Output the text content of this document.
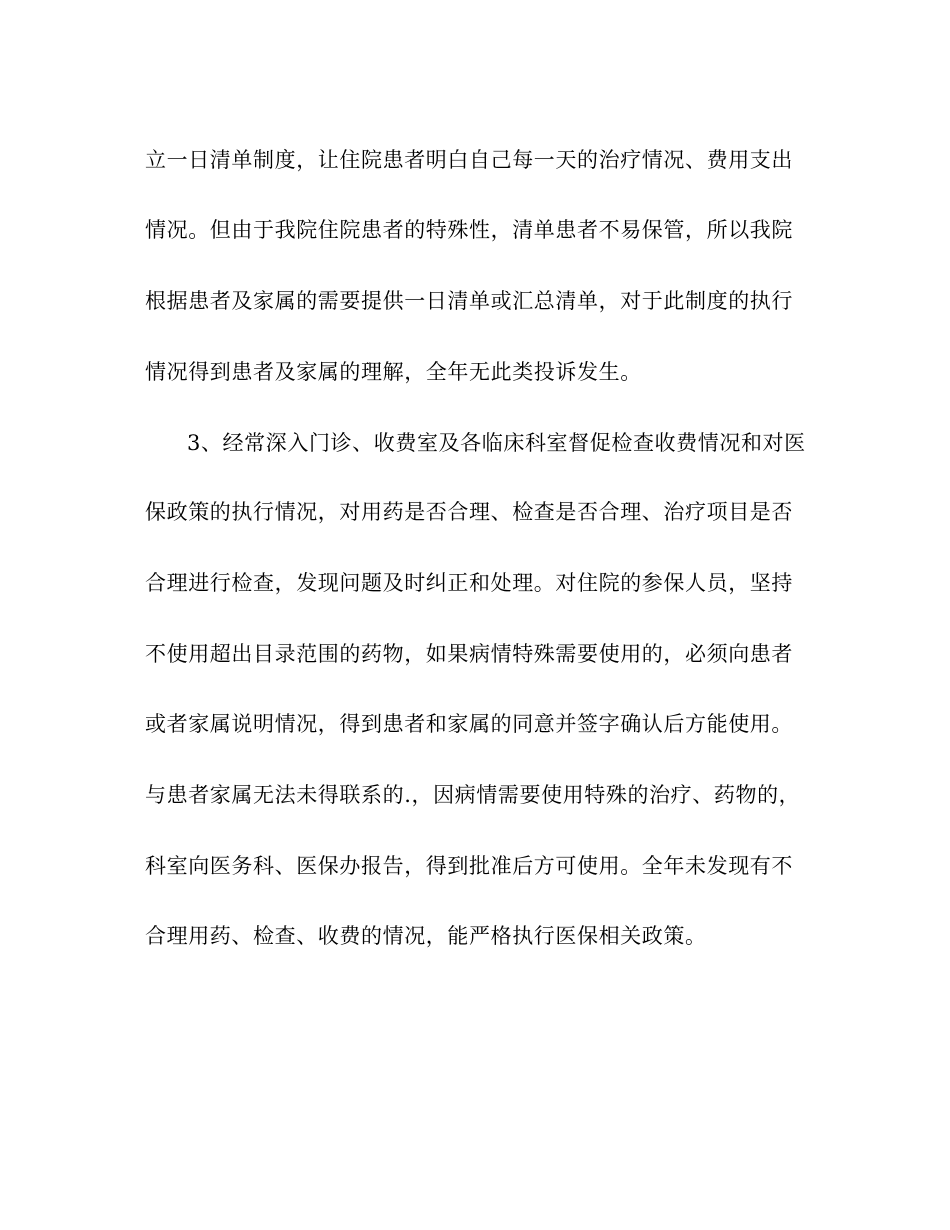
立一日清单制度，让住院患者明白自己每一天的治疗情况、费用支出
情况。但由于我院住院患者的特殊性，清单患者不易保管，所以我院
根据患者及家属的需要提供一日清单或汇总清单，对于此制度的执行
情况得到患者及家属的理解，全年无此类投诉发生。
3、经常深入门诊、收费室及各临床科室督促检查收费情况和对医
保政策的执行情况，对用药是否合理、检查是否合理、治疗项目是否
合理进行检查，发现问题及时纠正和处理。对住院的参保人员，坚持
不使用超出目录范围的药物，如果病情特殊需要使用的，必须向患者
或者家属说明情况，得到患者和家属的同意并签字确认后方能使用。
与患者家属无法未得联系的.，因病情需要使用特殊的治疗、药物的，
科室向医务科、医保办报告，得到批准后方可使用。全年未发现有不
合理用药、检查、收费的情况，能严格执行医保相关政策。
